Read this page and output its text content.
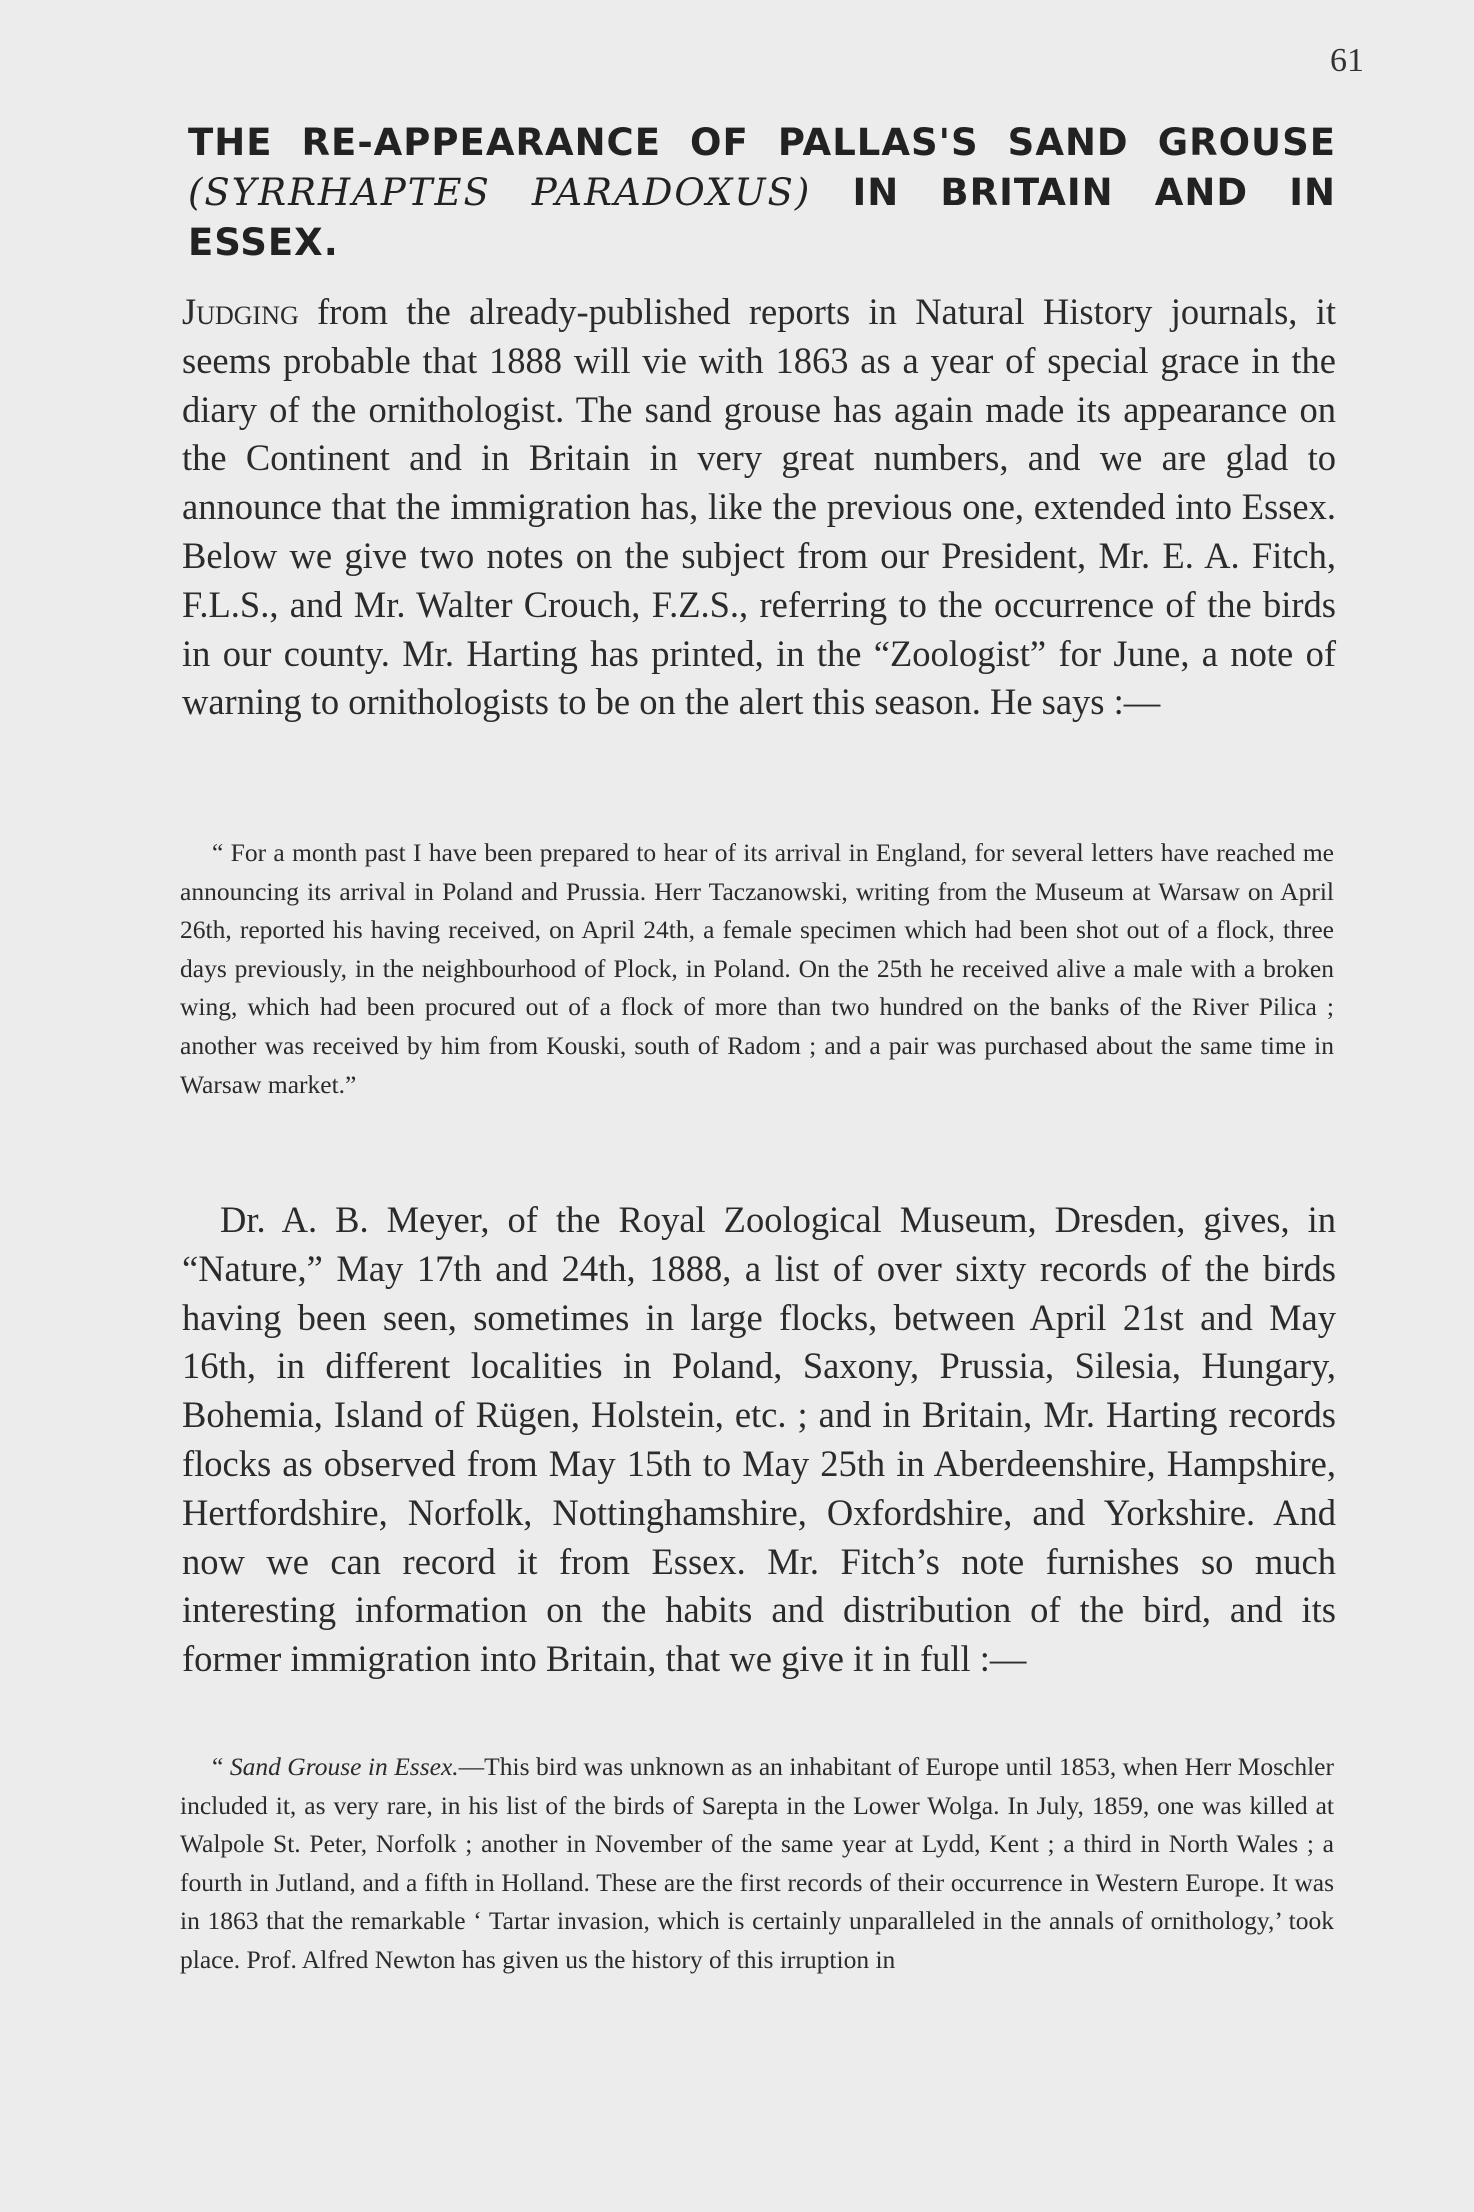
61
THE RE-APPEARANCE OF PALLAS'S SAND GROUSE (SYRRHAPTES PARADOXUS) IN BRITAIN AND IN ESSEX.

Judging from the already-published reports in Natural History journals, it seems probable that 1888 will vie with 1863 as a year of special grace in the diary of the ornithologist. The sand grouse has again made its appearance on the Continent and in Britain in very great numbers, and we are glad to announce that the immigration has, like the previous one, extended into Essex. Below we give two notes on the subject from our President, Mr. E. A. Fitch, F.L.S., and Mr. Walter Crouch, F.Z.S., referring to the occurrence of the birds in our county. Mr. Harting has printed, in the “Zoologist” for June, a note of warning to ornithologists to be on the alert this season. He says :—

“ For a month past I have been prepared to hear of its arrival in England, for several letters have reached me announcing its arrival in Poland and Prussia. Herr Taczanowski, writing from the Museum at Warsaw on April 26th, reported his having received, on April 24th, a female specimen which had been shot out of a flock, three days previously, in the neighbourhood of Plock, in Poland. On the 25th he received alive a male with a broken wing, which had been procured out of a flock of more than two hundred on the banks of the River Pilica ; another was received by him from Kouski, south of Radom ; and a pair was purchased about the same time in Warsaw market.”

Dr. A. B. Meyer, of the Royal Zoological Museum, Dresden, gives, in “Nature,” May 17th and 24th, 1888, a list of over sixty records of the birds having been seen, sometimes in large flocks, between April 21st and May 16th, in different localities in Poland, Saxony, Prussia, Silesia, Hungary, Bohemia, Island of Rügen, Holstein, etc. ; and in Britain, Mr. Harting records flocks as observed from May 15th to May 25th in Aberdeenshire, Hampshire, Hertfordshire, Norfolk, Nottinghamshire, Oxfordshire, and Yorkshire. And now we can record it from Essex. Mr. Fitch’s note furnishes so much interesting information on the habits and distribution of the bird, and its former immigration into Britain, that we give it in full :—

“ Sand Grouse in Essex.—This bird was unknown as an inhabitant of Europe until 1853, when Herr Moschler included it, as very rare, in his list of the birds of Sarepta in the Lower Wolga. In July, 1859, one was killed at Walpole St. Peter, Norfolk ; another in November of the same year at Lydd, Kent ; a third in North Wales ; a fourth in Jutland, and a fifth in Holland. These are the first records of their occurrence in Western Europe. It was in 1863 that the remarkable ‘ Tartar invasion, which is certainly unparalleled in the annals of ornithology,’ took place. Prof. Alfred Newton has given us the history of this irruption in
